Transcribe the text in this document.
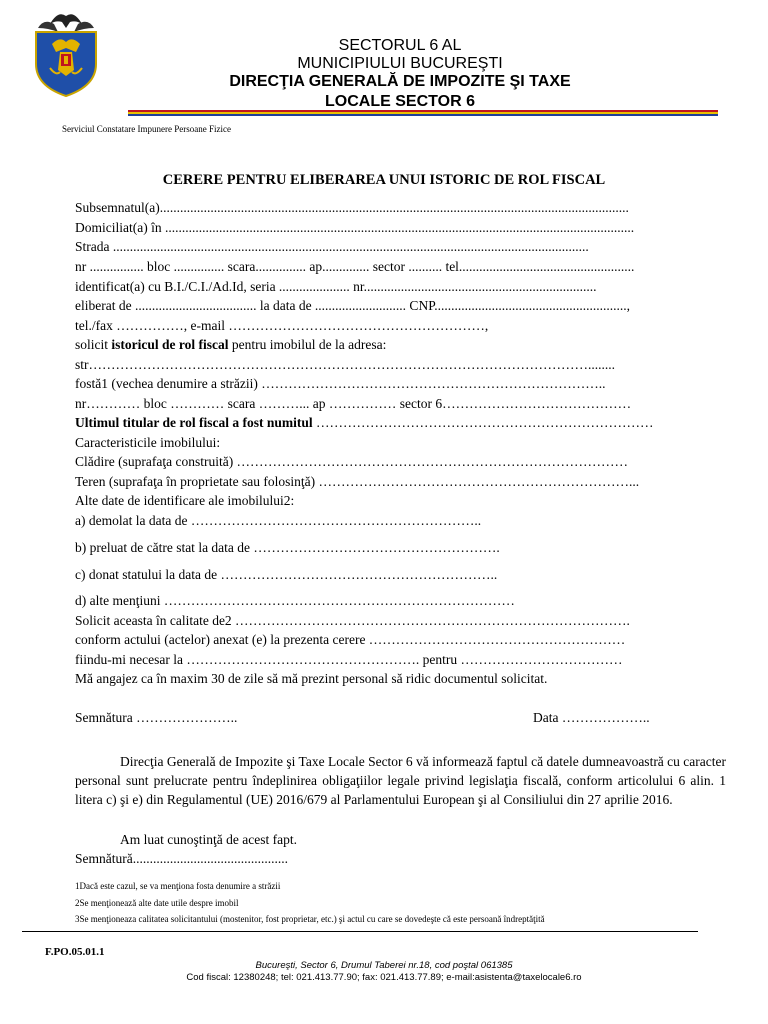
SECTORUL 6 AL
MUNICIPIULUI BUCUREŞTI
DIRECŢIA GENERALĂ DE IMPOZITE ŞI TAXE
LOCALE SECTOR 6
Serviciul Constatare Impunere Persoane Fizice
CERERE PENTRU ELIBERAREA UNUI ISTORIC DE ROL FISCAL
Subsemnatul(a)...........................................................................................................................................
Domiciliat(a) în ...........................................................................................................................................
Strada .............................................................................................................................................
nr ................ bloc ............... scara............... ap.............. sector .......... tel....................................................
identificat(a) cu B.I./C.I./Ad.Id, seria ..................... nr.....................................................................
eliberat de .................................... la data de ........................... CNP.........................................................,
tel./fax ……………, e-mail …………………………………………………,
solicit istoricul de rol fiscal pentru imobilul de la adresa:
str…………………………………………………………………………………………………........
fostă1 (vechea denumire a străzii) …………………………………………………………………..
nr………… bloc ………… scara ………... ap …………… sector 6……………………………………
Ultimul titular de rol fiscal a fost numitul …………………………………………………………………
Caracteristicile imobilului:
Clădire (suprafaţa construită) ……………………………………………………………………………
Teren (suprafaţa în proprietate sau folosinţă) ……………………………………………………………...
Alte date de identificare ale imobilului2:
a) demolat la data de ………………………………………………………..
b) preluat de către stat la data de ……………………………………………….
c) donat statului la data de ……………………………………………………..
d) alte menţiuni ……………………………………………………………………
Solicit aceasta în calitate de2 …………………………………………………………………………….
conform actului (actelor) anexat (e) la prezenta cerere …………………………………………………
fiindu-mi necesar la ……………………………………………. pentru ………………………………
Mă angajez ca în maxim 30 de zile să mă prezint personal să ridic documentul solicitat.
Semnătura …………………..	Data ………………..

Direcţia Generală de Impozite şi Taxe Locale Sector 6 vă informează faptul că datele dumneavoastră cu caracter personal sunt prelucrate pentru îndeplinirea obligaţiilor legale privind legislaţia fiscală, conform articolului 6 alin. 1 litera c) şi e) din Regulamentul (UE) 2016/679 al Parlamentului European şi al Consiliului din 27 aprilie 2016.

Am luat cunoştinţă de acest fapt.
Semnătură..............................................
1Dacă este cazul, se va menţiona fosta denumire a străzii
2Se menţionează alte date utile despre imobil
3Se menţioneaza calitatea solicitantului (mostenitor, fost proprietar, etc.) şi actul cu care se dovedeşte că este persoană îndreptăţită
F.PO.05.01.1
Bucureşti, Sector 6, Drumul Taberei nr.18, cod poştal 061385
Cod fiscal: 12380248; tel: 021.413.77.90; fax: 021.413.77.89; e-mail:asistenta@taxelocale6.ro
